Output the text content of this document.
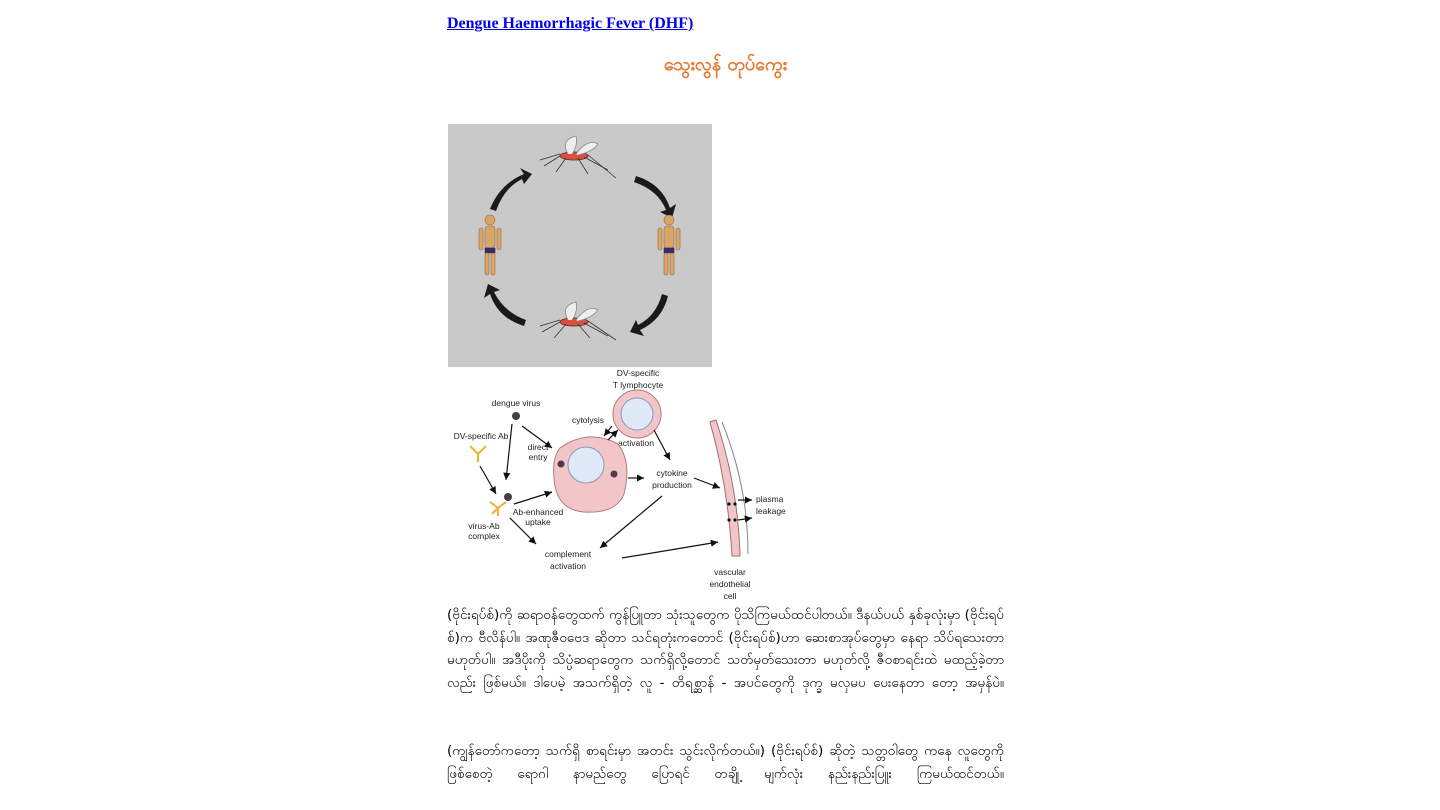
Dengue Haemorrhagic Fever (DHF)
သွေးလွန် တုပ်ကွေး
DV-specific
T lymphocyte
dengue virus
cytolysis
DV-specific Ab
activation
direct
entry
cytokine
production
plasma
leakage
Ab-enhanced
uptake
virus-Ab
complex
complement
activation
vascular
endothelial
cell
(ဗိုင်းရပ်စ်)ကို ဆရာဝန်တွေထက် ကွန်ပြူတာ သုံးသူတွေက ပိုသိကြမယ်ထင်ပါတယ်။ ဒီနယ်ပယ် နှစ်ခုလုံးမှာ (ဗိုင်းရပ်စ်)က ဗီလိန်ပါ။ အဏုဇီဝဗေဒ ဆိုတာ သင်ရတုံးကတောင် (ဗိုင်းရပ်စ်)ဟာ ဆေးစာအုပ်တွေမှာ နေရာ သိပ်ရသေးတာ မဟုတ်ပါ။ အဒီပိုးကို သိပ္ပံဆရာတွေက သက်ရှိလို့တောင် သတ်မှတ်သေးတာ မဟုတ်လို့ ဇီဝစာရင်းထဲ မထည့်ခဲ့တာလည်း ဖြစ်မယ်။ ဒါပေမဲ့ အသက်ရှိတဲ့ လူ - တိရစ္ဆာန် - အပင်တွေကို ဒုက္ခ မလှမပ ပေးနေတာ တော့ အမှန်ပဲ။
(ကျွန်တော်ကတော့ သက်ရှိ စာရင်းမှာ အတင်း သွင်းလိုက်တယ်။) (ဗိုင်းရပ်စ်) ဆိုတဲ့ သတ္တဝါတွေ ကနေ လူတွေကို ဖြစ်စေတဲ့ ရောဂါ နာမည်တွေ ပြောရင် တချို့ မျက်လုံး နည်းနည်းပြူး ကြမယ်ထင်တယ်။
